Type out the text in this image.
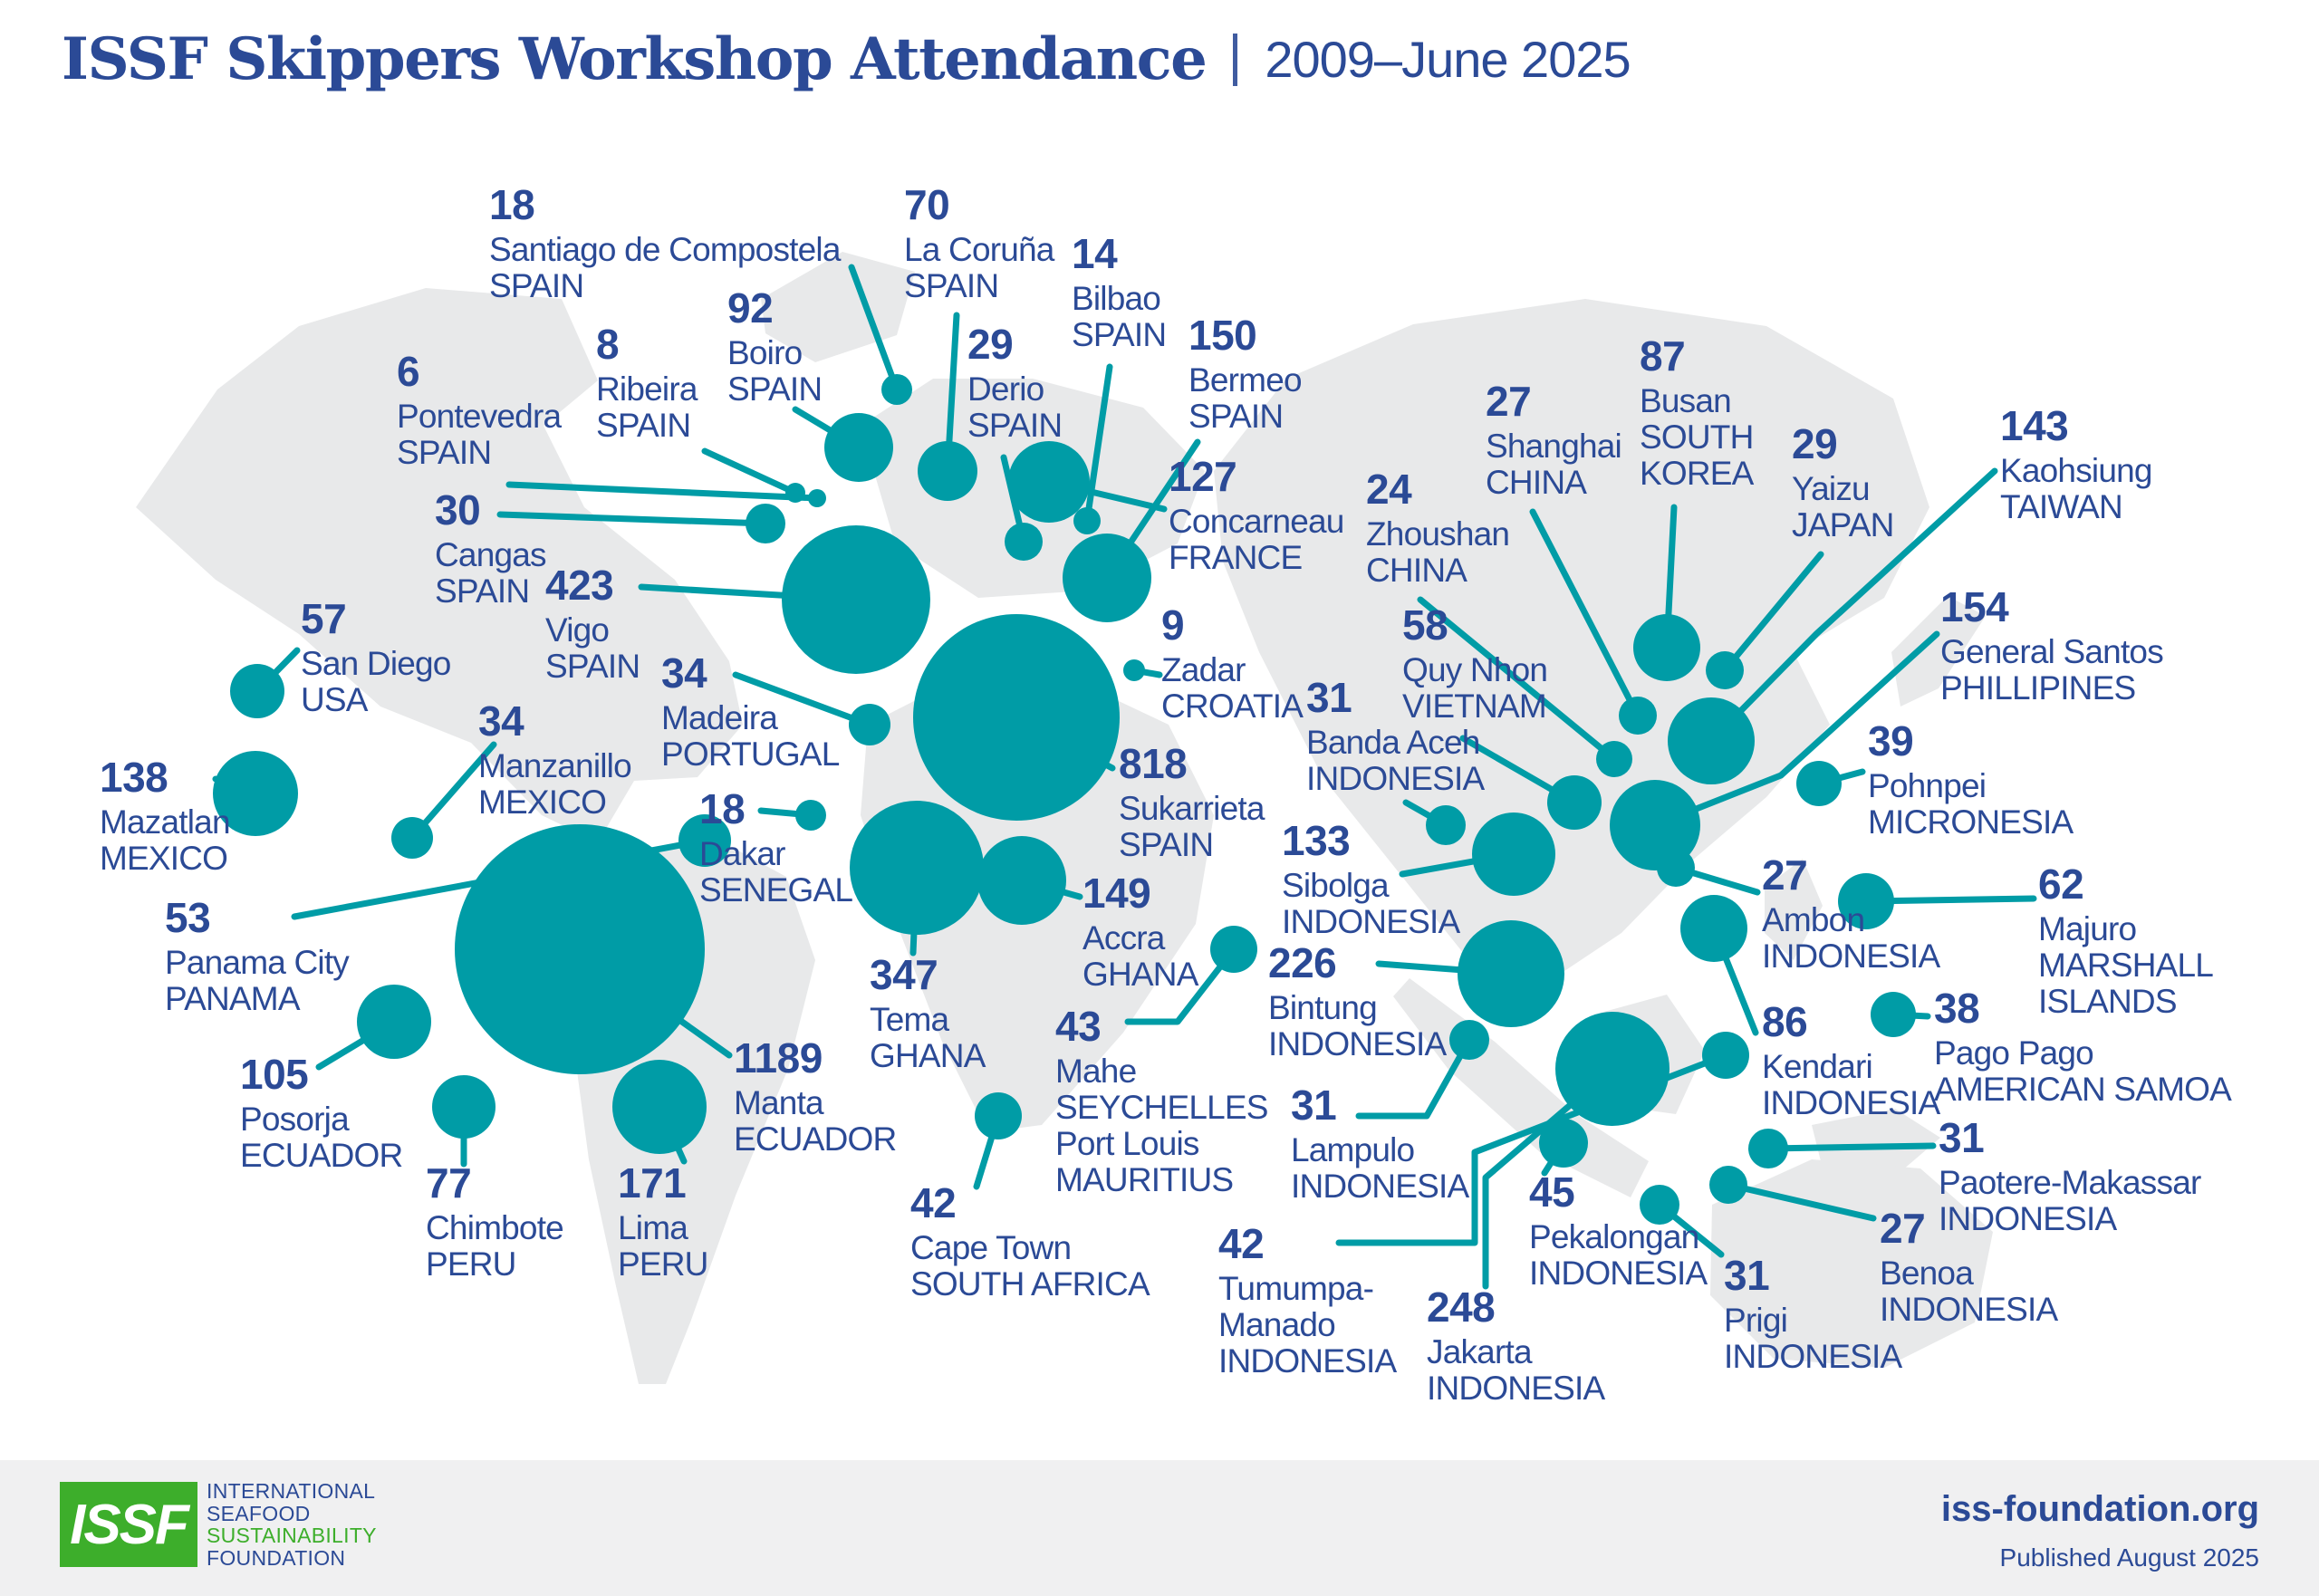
18
Santiago de Compostela
SPAIN
70
La Coruña
SPAIN
14
Bilbao
SPAIN
92
Boiro
SPAIN
29
Derio
SPAIN
150
Bermeo
SPAIN
8
Ribeira
SPAIN
6
Pontevedra
SPAIN
127
Concarneau
FRANCE
30
Cangas
SPAIN 423
Vigo
SPAIN 34
Madeira
PORTUGAL
18
Dakar
SENEGAL
9
Zadar
CROATIA
818
Sukarrieta
SPAIN
347
Tema
GHANA
149
Accra
GHANA
43
Mahe
SEYCHELLES
Port Louis
MAURITIUS
42
Cape Town
SOUTH AFRICA
57
San Diego
USA
138
Mazatlan
MEXICO
34
Manzanillo
MEXICO
53
Panama City
PANAMA
105
Posorja
ECUADOR
1189
Manta
ECUADOR
77
Chimbote
PERU
171
Lima
PERU
27
Shanghai
CHINA
24
Zhoushan
CHINA
87
Busan
SOUTH
KOREA
29
Yaizu
JAPAN
143
Kaohsiung
TAIWAN
154
General Santos
PHILLIPINES
58
Quy Nhon
VIETNAM
31
Banda Aceh
INDONESIA
39
Pohnpei
MICRONESIA
133
Sibolga
INDONESIA
27
Ambon
INDONESIA
62
Majuro
MARSHALL
ISLANDS
86
Kendari
INDONESIA
38
Pago Pago
AMERICAN SAMOA
226
Bintung
INDONESIA
31
Lampulo
INDONESIA 45
Pekalongan
INDONESIA
42
Tumumpa-
Manado
INDONESIA
248
Jakarta
INDONESIA
31
Prigi
INDONESIA
27
Benoa
INDONESIA
31
Paotere-Makassar
INDONESIA
ISSF Skippers Workshop Attendance 2009–June 2025
ISSF
INTERNATIONAL
SEAFOOD
SUSTAINABILITY
FOUNDATION
iss-foundation.org
Published August 2025
